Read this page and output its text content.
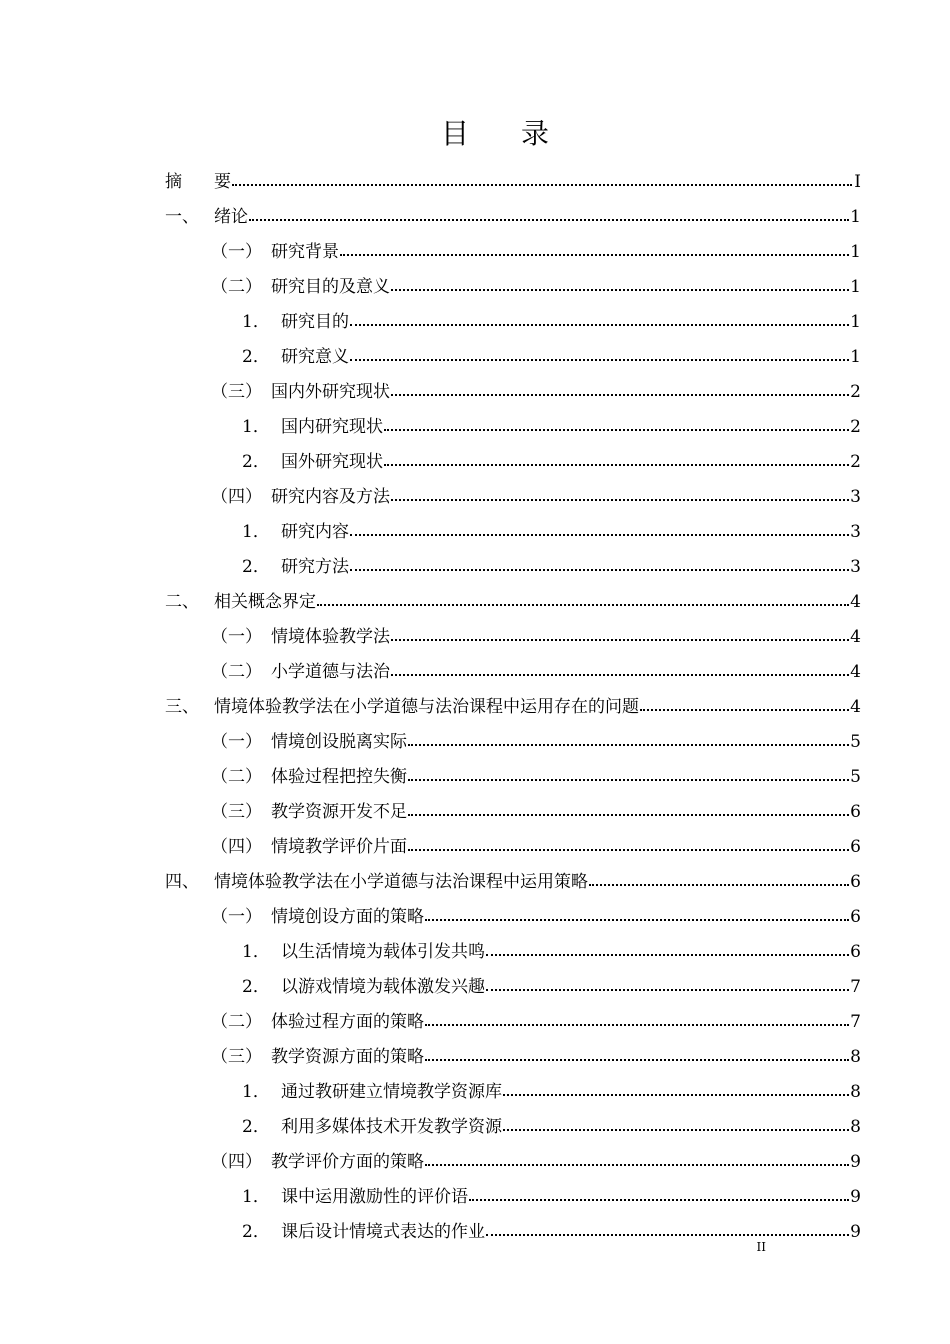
目 录
摘	要	I
一、 绪论	1
（一） 研究背景	1
（二） 研究目的及意义	1
1． 研究目的	1
2． 研究意义	1
（三） 国内外研究现状	2
1． 国内研究现状	2
2． 国外研究现状	2
（四） 研究内容及方法	3
1． 研究内容	3
2． 研究方法	3
二、 相关概念界定	4
（一） 情境体验教学法	4
（二） 小学道德与法治	4
三、 情境体验教学法在小学道德与法治课程中运用存在的问题	4
（一） 情境创设脱离实际	5
（二） 体验过程把控失衡	5
（三） 教学资源开发不足	6
（四） 情境教学评价片面	6
四、 情境体验教学法在小学道德与法治课程中运用策略	6
（一） 情境创设方面的策略	6
1． 以生活情境为载体引发共鸣	6
2． 以游戏情境为载体激发兴趣	7
（二） 体验过程方面的策略	7
（三） 教学资源方面的策略	8
1． 通过教研建立情境教学资源库	8
2． 利用多媒体技术开发教学资源	8
（四） 教学评价方面的策略	9
1． 课中运用激励性的评价语	9
2． 课后设计情境式表达的作业	9
II
